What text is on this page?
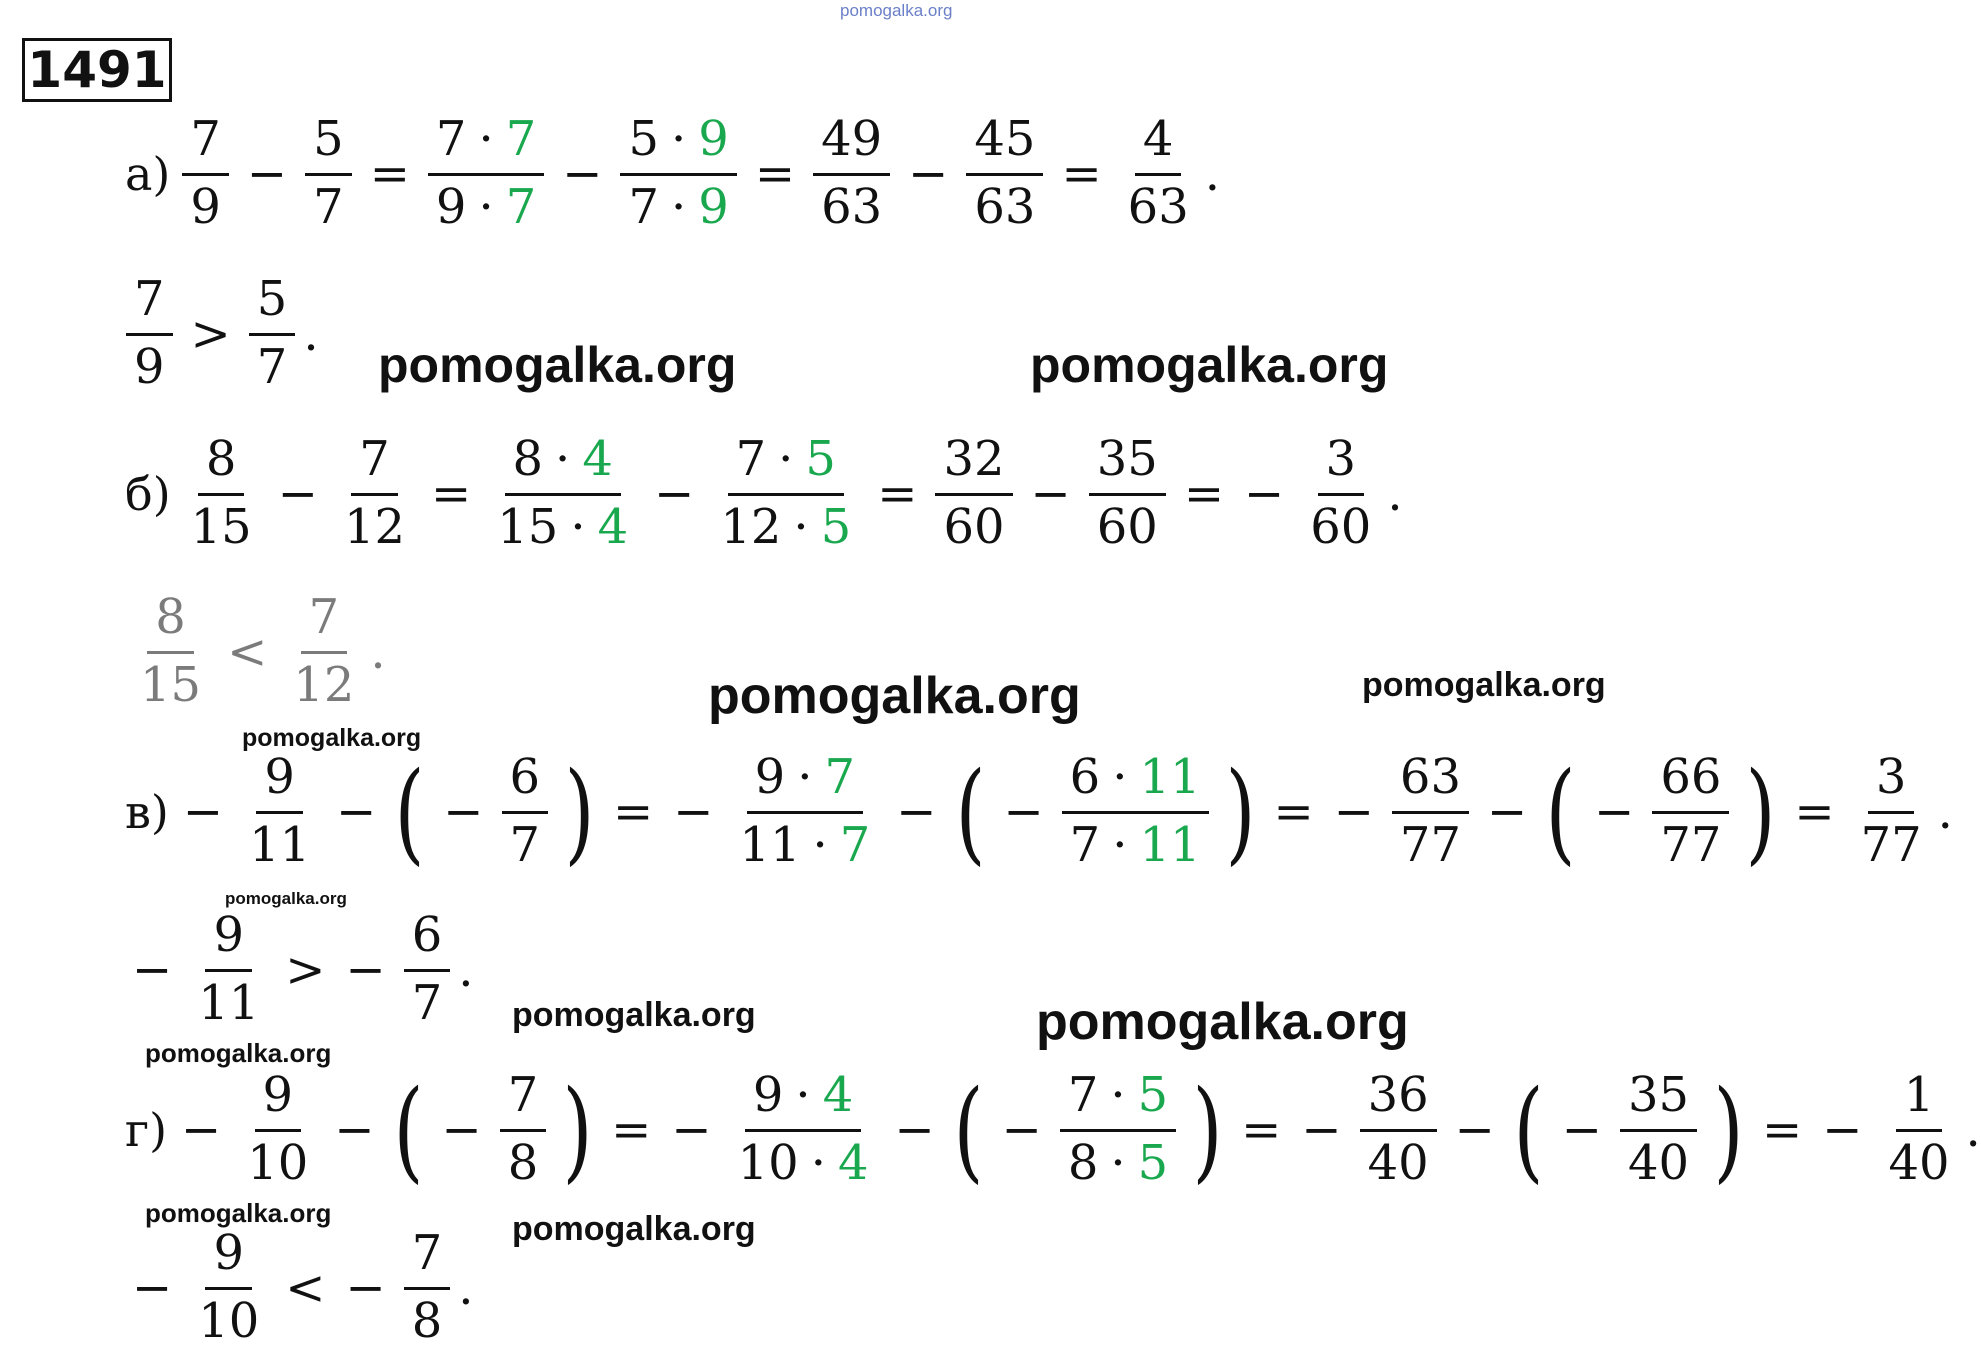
pomogalka.org
1491
$а) \frac{7}{9} - \frac{5}{7} = \frac{7 \cdot 7}{9 \cdot 7} - \frac{5 \cdot 9}{7 \cdot 9} = \frac{49}{63} - \frac{45}{63} = \frac{4}{63}$ .
$\frac{7}{9} > \frac{5}{7}$ .
pomogalka.org	pomogalka.org
$б) \frac{8}{15} - \frac{7}{12} = \frac{8 \cdot 4}{15 \cdot 4} - \frac{7 \cdot 5}{12 \cdot 5} = \frac{32}{60} - \frac{35}{60}$ = − $\frac{3}{60}$ .
$\frac{8}{15} < \frac{7}{12}$ .
pomogalka.org	pomogalka.org
pomogalka.org
$в) - \frac{9}{11}$ − ( − $\frac{6}{7}$ ) = − $\frac{9 \cdot 7}{11 \cdot 7}$ − ( − $\frac{6 \cdot 11}{7 \cdot 11}$ ) = − $\frac{63}{77}$ − ( − $\frac{66}{77}$ ) = $\frac{3}{77}$ .
pomogalka.org
− $\frac{9}{11}$ > − $\frac{6}{7}$ .
pomogalka.org	pomogalka.org
pomogalka.org
$г) - \frac{9}{10}$ − ( − $\frac{7}{8}$ ) = − $\frac{9 \cdot 4}{10 \cdot 4}$ − ( − $\frac{7 \cdot 5}{8 \cdot 5}$ ) = − $\frac{36}{40}$ − ( − $\frac{35}{40}$ ) = − $\frac{1}{40}$ .
pomogalka.org	pomogalka.org
− $\frac{9}{10}$ < − $\frac{7}{8}$ .
